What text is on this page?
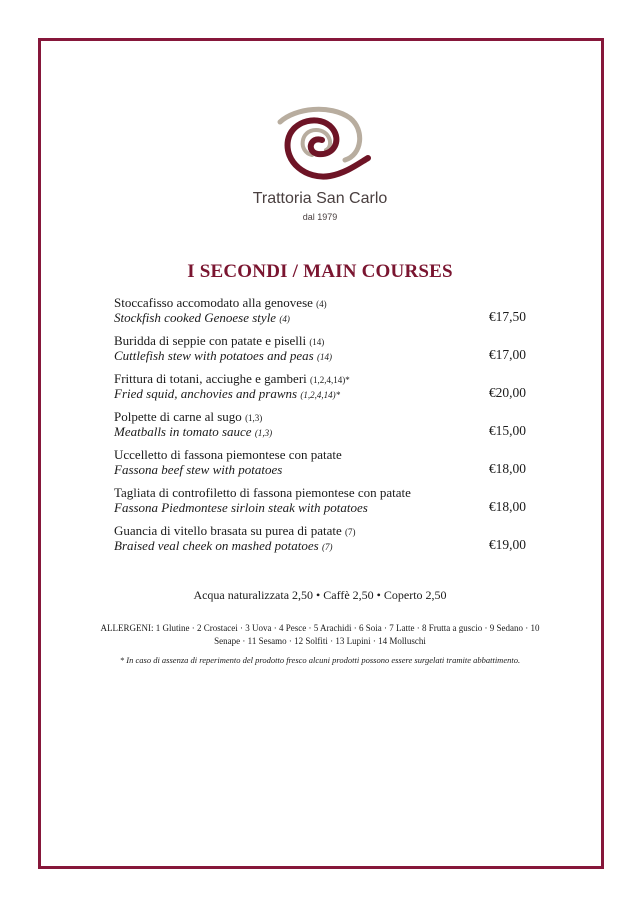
Trattoria San Carlo
dal 1979
I SECONDI / MAIN COURSES
Stoccafisso accomodato alla genovese (4)
Stockfish cooked Genoese style (4)	€17,50
Buridda di seppie con patate e piselli (14)
Cuttlefish stew with potatoes and peas (14)	€17,00
Frittura di totani, acciughe e gamberi (1,2,4,14)*
Fried squid, anchovies and prawns (1,2,4,14)*	€20,00
Polpette di carne al sugo (1,3)
Meatballs in tomato sauce (1,3)	€15,00
Uccelletto di fassona piemontese con patate
Fassona beef stew with potatoes	€18,00
Tagliata di controfiletto di fassona piemontese con patate
Fassona Piedmontese sirloin steak with potatoes	€18,00
Guancia di vitello brasata su purea di patate (7)
Braised veal cheek on mashed potatoes (7)	€19,00
Acqua naturalizzata 2,50 • Caffè 2,50 • Coperto 2,50
ALLERGENI: 1 Glutine · 2 Crostacei · 3 Uova · 4 Pesce · 5 Arachidi · 6 Soia · 7 Latte · 8 Frutta a guscio · 9 Sedano · 10 Senape · 11 Sesamo · 12 Solfiti · 13 Lupini · 14 Molluschi
* In caso di assenza di reperimento del prodotto fresco alcuni prodotti possono essere surgelati tramite abbattimento.
